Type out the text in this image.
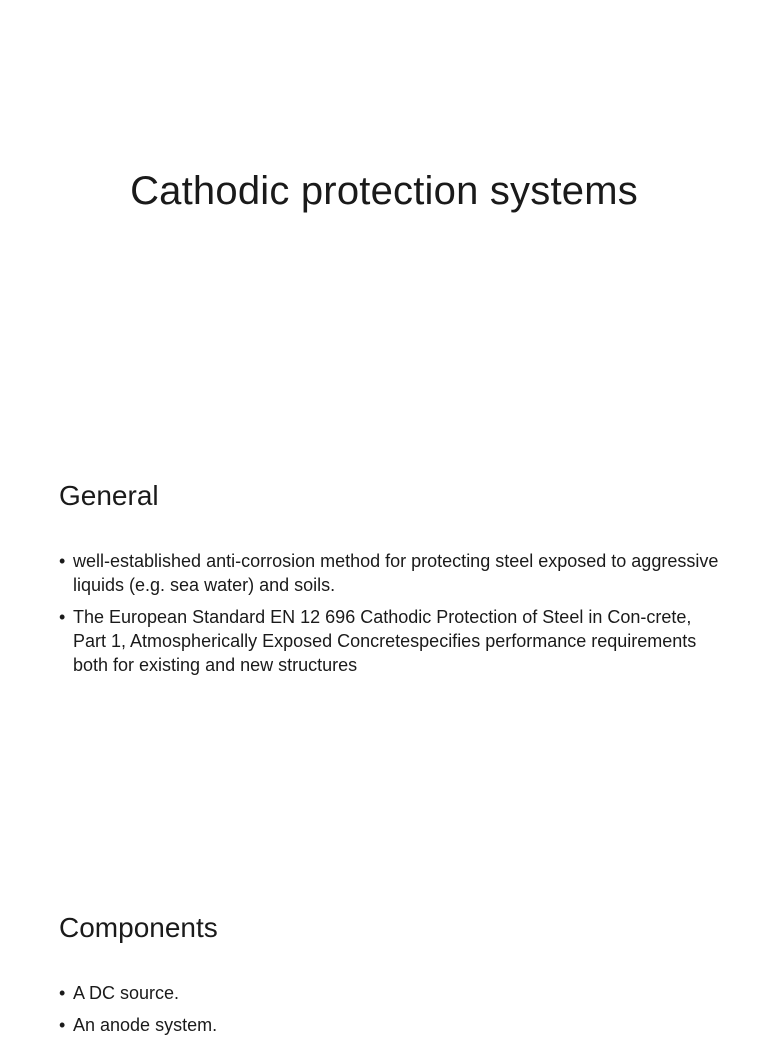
Cathodic protection systems
General
• well-established anti-corrosion method for protecting steel exposed to aggressive liquids (e.g. sea water) and soils.
• The European Standard EN 12 696 Cathodic Protection of Steel in Con-crete, Part 1, Atmospherically Exposed Concretespecifies performance requirements both for existing and new structures
Components
• A DC source.
• An anode system.
